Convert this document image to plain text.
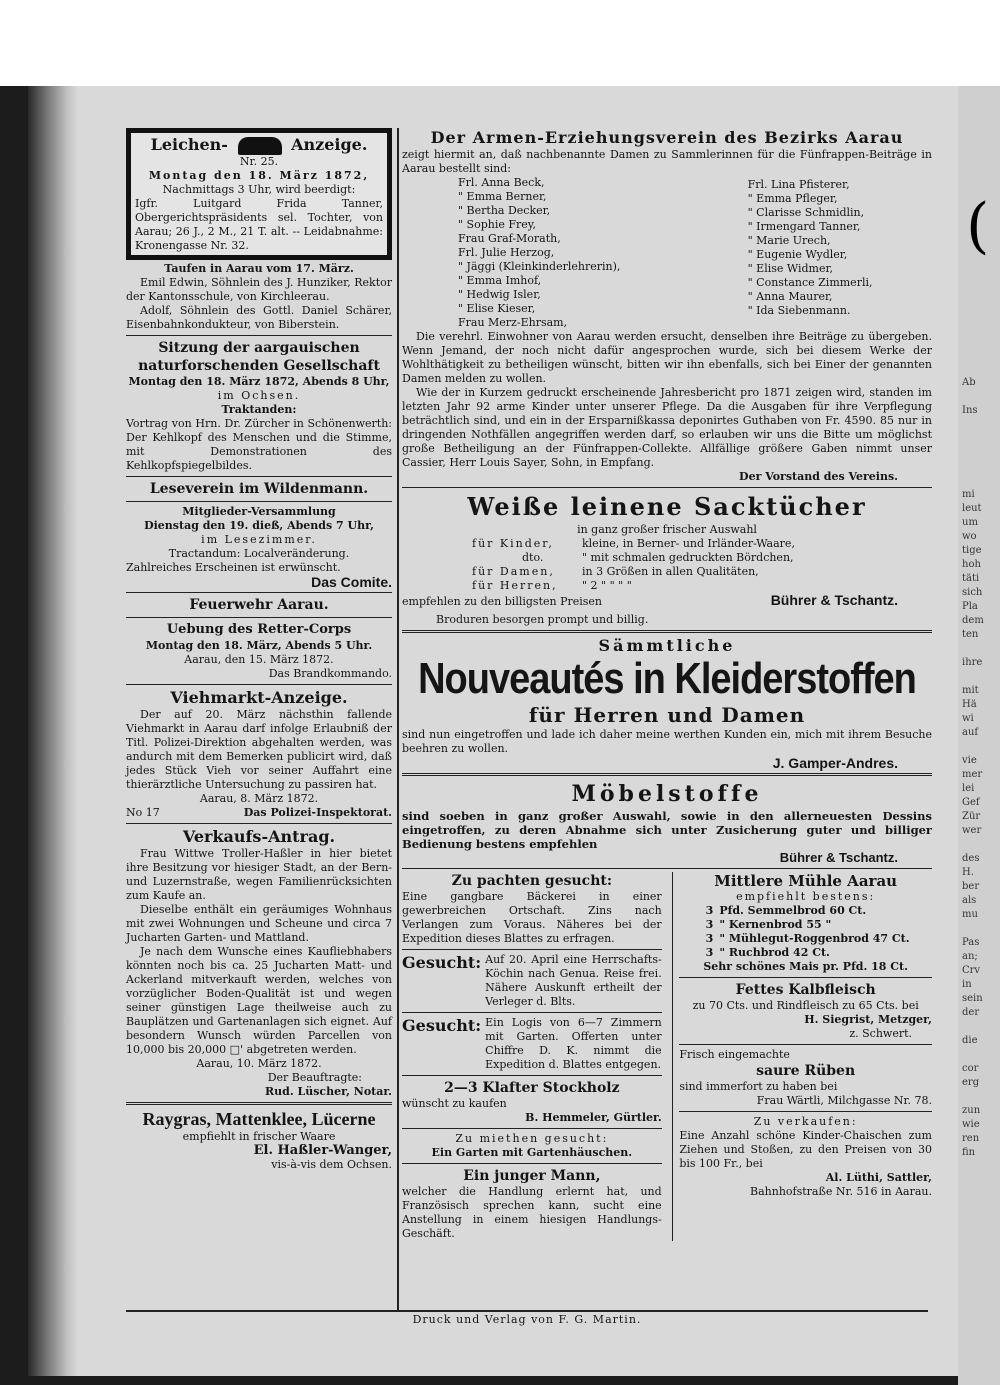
(
Ab
Ins
mi
leut
um
wo
tige
hoh
täti
sich
Pla
dem
ten
ihre
mit
Hä
wi
auf
vie
mer
lei
Gef
Zür
wer
des
H.
ber
als
mu
Pas
an;
Crv
in
sein
der
die
cor
erg
zun
wie
ren
fin
Leichen-	Anzeige.
Nr. 25.
Montag den 18. März 1872,
Nachmittags 3 Uhr, wird beerdigt:
Igfr. Luitgard Frida Tanner, Obergerichtspräsidents sel. Tochter, von Aarau; 26 J., 2 M., 21 T. alt. -- Leidabnahme: Kronengasse Nr. 32.
Taufen in Aarau vom 17. März.
Emil Edwin, Söhnlein des J. Hunziker, Rektor der Kantonsschule, von Kirchleerau.
Adolf, Söhnlein des Gottl. Daniel Schärer, Eisenbahnkondukteur, von Biberstein.
Sitzung der aargauischen naturforschenden Gesellschaft
Montag den 18. März 1872, Abends 8 Uhr,
im Ochsen.
Traktanden:
Vortrag von Hrn. Dr. Zürcher in Schönenwerth: Der Kehlkopf des Menschen und die Stimme, mit Demonstrationen des Kehlkopfspiegelbildes.
Leseverein im Wildenmann.
Mitglieder-Versammlung
Dienstag den 19. dieß, Abends 7 Uhr,
im Lesezimmer.
Tractandum: Localveränderung.
Zahlreiches Erscheinen ist erwünscht.
Das Comite.
Feuerwehr Aarau.
Uebung des Retter-Corps
Montag den 18. März, Abends 5 Uhr.
Aarau, den 15. März 1872.
Das Brandkommando.
Viehmarkt-Anzeige.
Der auf 20. März nächsthin fallende Viehmarkt in Aarau darf infolge Erlaubniß der Titl. Polizei-Direktion abgehalten werden, was andurch mit dem Bemerken publicirt wird, daß jedes Stück Vieh vor seiner Auffahrt eine thierärztliche Untersuchung zu passiren hat.
Aarau, 8. März 1872.
No 17	Das Polizei-Inspektorat.
Verkaufs-Antrag.
Frau Wittwe Troller-Haßler in hier bietet ihre Besitzung vor hiesiger Stadt, an der Bern- und Luzernstraße, wegen Familienrücksichten zum Kaufe an.
Dieselbe enthält ein geräumiges Wohnhaus mit zwei Wohnungen und Scheune und circa 7 Jucharten Garten- und Mattland.
Je nach dem Wunsche eines Kaufliebhabers könnten noch bis ca. 25 Jucharten Matt- und Ackerland mitverkauft werden, welches von vorzüglicher Boden-Qualität ist und wegen seiner günstigen Lage theilweise auch zu Bauplätzen und Gartenanlagen sich eignet. Auf besondern Wunsch würden Parcellen von 10,000 bis 20,000 □' abgetreten werden.
Aarau, 10. März 1872.
Der Beauftragte:
Rud. Lüscher, Notar.
Raygras, Mattenklee, Lücerne
empfiehlt in frischer Waare
El. Haßler-Wanger,
vis-à-vis dem Ochsen.
Der Armen-Erziehungsverein des Bezirks Aarau
zeigt hiermit an, daß nachbenannte Damen zu Sammlerinnen für die Fünfrappen-Beiträge in Aarau bestellt sind:
Frl. Anna Beck,
" Emma Berner,
" Bertha Decker,
" Sophie Frey,
Frau Graf-Morath,
Frl. Julie Herzog,
" Jäggi (Kleinkinderlehrerin),
" Emma Imhof,
" Hedwig Isler,
" Elise Kieser,
Frau Merz-Ehrsam,
Frl. Lina Pfisterer,
" Emma Pfleger,
" Clarisse Schmidlin,
" Irmengard Tanner,
" Marie Urech,
" Eugenie Wydler,
" Elise Widmer,
" Constance Zimmerli,
" Anna Maurer,
" Ida Siebenmann.
Die verehrl. Einwohner von Aarau werden ersucht, denselben ihre Beiträge zu übergeben. Wenn Jemand, der noch nicht dafür angesprochen wurde, sich bei diesem Werke der Wohlthätigkeit zu betheiligen wünscht, bitten wir ihn ebenfalls, sich bei Einer der genannten Damen melden zu wollen.
Wie der in Kurzem gedruckt erscheinende Jahresbericht pro 1871 zeigen wird, standen im letzten Jahr 92 arme Kinder unter unserer Pflege. Da die Ausgaben für ihre Verpflegung beträchtlich sind, und ein in der Ersparnißkassa deponirtes Guthaben von Fr. 4590. 85 nur in dringenden Nothfällen angegriffen werden darf, so erlauben wir uns die Bitte um möglichst große Betheiligung an der Fünfrappen-Collekte. Allfällige größere Gaben nimmt unser Cassier, Herr Louis Sayer, Sohn, in Empfang.
Der Vorstand des Vereins.
Weiße leinene Sacktücher
in ganz großer frischer Auswahl
für Kinder,	kleine, in Berner- und Irländer-Waare,
dto.	" mit schmalen gedruckten Bördchen,
für Damen,	in 3 Größen in allen Qualitäten,
für Herren,	" 2 " " " "
empfehlen zu den billigsten Preisen	Bührer & Tschantz.
Broduren besorgen prompt und billig.
Sämmtliche
Nouveautés in Kleiderstoffen
für Herren und Damen
sind nun eingetroffen und lade ich daher meine werthen Kunden ein, mich mit ihrem Besuche beehren zu wollen.
J. Gamper-Andres.
Möbelstoffe
sind soeben in ganz großer Auswahl, sowie in den allerneuesten Dessins eingetroffen, zu deren Abnahme sich unter Zusicherung guter und billiger Bedienung bestens empfehlen
Bührer & Tschantz.
Zu pachten gesucht:
Eine gangbare Bäckerei in einer gewerbreichen Ortschaft. Zins nach Verlangen zum Voraus. Näheres bei der Expedition dieses Blattes zu erfragen.
Gesucht: Auf 20. April eine Herrschafts-Köchin nach Genua. Reise frei. Nähere Auskunft ertheilt der Verleger d. Blts.
Gesucht: Ein Logis von 6—7 Zimmern mit Garten. Offerten unter Chiffre D. K. nimmt die Expedition d. Blattes entgegen.
2—3 Klafter Stockholz
wünscht zu kaufen
B. Hemmeler, Gürtler.
Zu miethen gesucht:
Ein Garten mit Gartenhäuschen.
Ein junger Mann,
welcher die Handlung erlernt hat, und Französisch sprechen kann, sucht eine Anstellung in einem hiesigen Handlungs-Geschäft.
Mittlere Mühle Aarau
empfiehlt bestens:
3 Pfd. Semmelbrod 60 Ct.
3 " Kernenbrod 55 "
3 " Mühlegut-Roggenbrod 47 Ct.
3 " Ruchbrod 42 Ct.
Sehr schönes Mais pr. Pfd. 18 Ct.
Fettes Kalbfleisch
zu 70 Cts. und Rindfleisch zu 65 Cts. bei
H. Siegrist, Metzger,
z. Schwert.
Frisch eingemachte
saure Rüben
sind immerfort zu haben bei
Frau Wärtli, Milchgasse Nr. 78.
Zu verkaufen:
Eine Anzahl schöne Kinder-Chaischen zum Ziehen und Stoßen, zu den Preisen von 30 bis 100 Fr., bei
Al. Lüthi, Sattler,
Bahnhofstraße Nr. 516 in Aarau.
Druck und Verlag von F. G. Martin.
